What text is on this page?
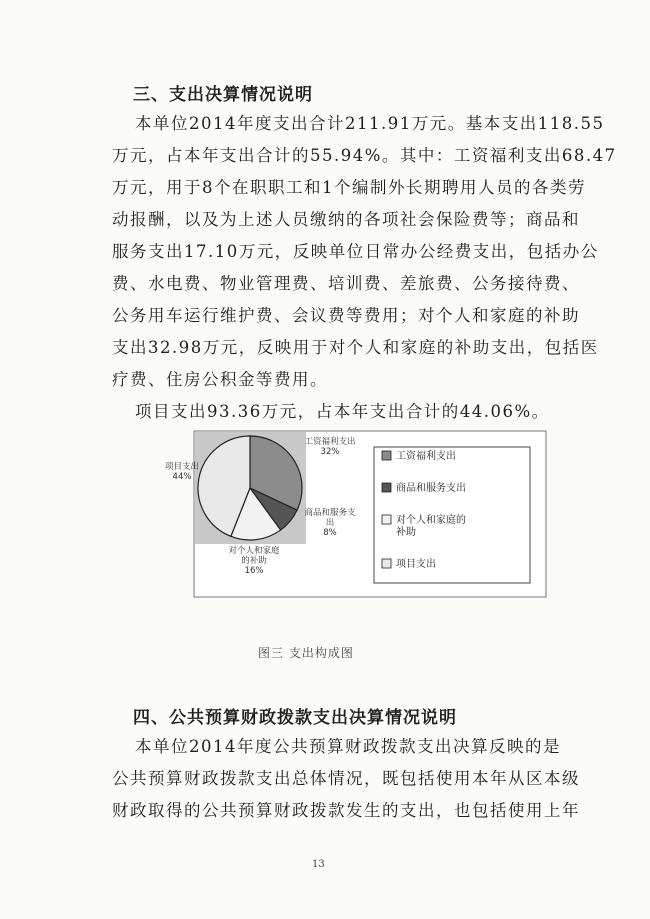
三、支出决算情况说明
本单位2014年度支出合计211.91万元。基本支出118.55
万元，占本年支出合计的55.94%。其中：工资福利支出68.47
万元，用于8个在职职工和1个编制外长期聘用人员的各类劳
动报酬，以及为上述人员缴纳的各项社会保险费等；商品和
服务支出17.10万元，反映单位日常办公经费支出，包括办公
费、水电费、物业管理费、培训费、差旅费、公务接待费、
公务用车运行维护费、会议费等费用；对个人和家庭的补助
支出32.98万元，反映用于对个人和家庭的补助支出，包括医
疗费、住房公积金等费用。
项目支出93.36万元，占本年支出合计的44.06%。
工资福利支出 32%
商品和服务支出 8%
对个人和家庭的补助 16%
项目支出 44%
工资福利支出
商品和服务支出
对个人和家庭的补助
项目支出
图三 支出构成图
四、公共预算财政拨款支出决算情况说明
本单位2014年度公共预算财政拨款支出决算反映的是
公共预算财政拨款支出总体情况，既包括使用本年从区本级
财政取得的公共预算财政拨款发生的支出，也包括使用上年
13
